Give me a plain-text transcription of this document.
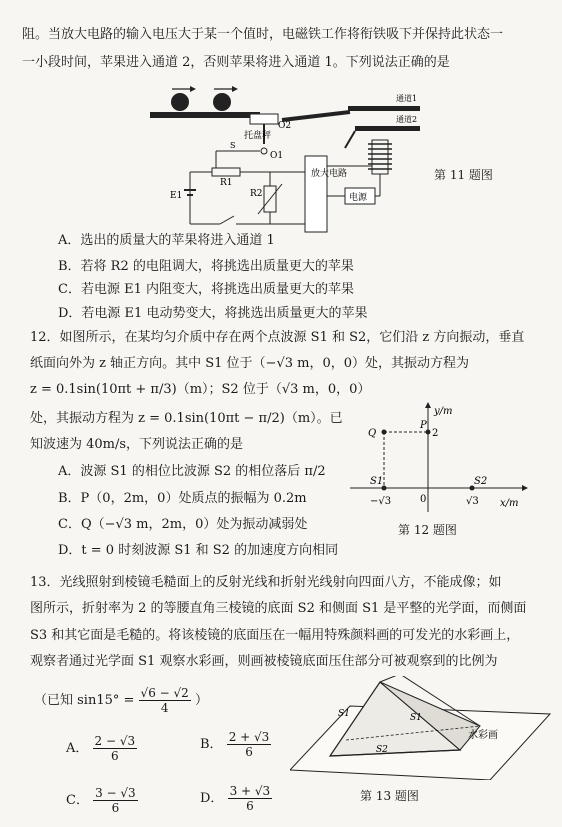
阻。当放大电路的输入电压大于某一个值时，电磁铁工作将衔铁吸下并保持此状态一
一小段时间，苹果进入通道 2，否则苹果将进入通道 1。下列说法正确的是
托盘秤
O2
通道1
通道2
O1
S
R1
E1	R2
放大电路
电源
第 11 题图
A．选出的质量大的苹果将进入通道 1
B．若将 R2 的电阻调大，将挑选出质量更大的苹果
C．若电源 E1 内阻变大，将挑选出质量更大的苹果
D．若电源 E1 电动势变大，将挑选出质量更大的苹果
12．如图所示，在某均匀介质中存在两个点波源 S1 和 S2，它们沿 z 方向振动，垂直
纸面向外为 z 轴正方向。其中 S1 位于（−√3 m，0，0）处，其振动方程为
z = 0.1sin(10πt + π/3)（m）；S2 位于（√3 m，0，0）
处，其振动方程为 z = 0.1sin(10πt − π/2)（m）。已
知波速为 40m/s，下列说法正确的是
A．波源 S1 的相位比波源 S2 的相位落后 π/2
B．P（0，2m，0）处质点的振幅为 0.2m
C．Q（−√3 m，2m，0）处为振动减弱处
D．t = 0 时刻波源 S1 和 S2 的加速度方向相同
y/m
x/m
Q
P
2
S1	S2
−√3	0	√3
第 12 题图
13．光线照射到棱镜毛糙面上的反射光线和折射光线射向四面八方，不能成像；如
图所示，折射率为 2 的等腰直角三棱镜的底面 S2 和侧面 S1 是平整的光学面，而侧面
S3 和其它面是毛糙的。将该棱镜的底面压在一幅用特殊颜料画的可发光的水彩画上，
观察者通过光学面 S1 观察水彩画，则画被棱镜底面压住部分可被观察到的比例为
（已知 $\sin 15^\circ = \frac{√6 - √2}{4}$ ）
A． $\frac{2 - √3}{6}$	B． $\frac{2 + √3}{6}$
C． $\frac{3 - √3}{6}$	D． $\frac{3 + √3}{6}$
S1	S1
S2
水彩画
第 13 题图
